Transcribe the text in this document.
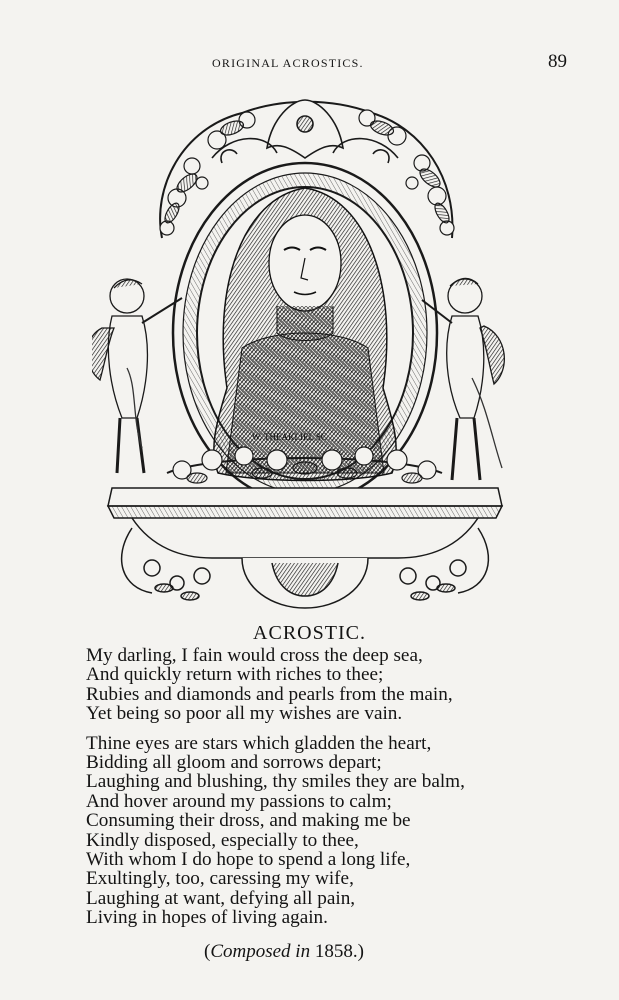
ORIGINAL ACROSTICS.	89
W. THEAKLIEL SC
ACROSTIC.
My darling, I fain would cross the deep sea,
And quickly return with riches to thee;
Rubies and diamonds and pearls from the main,
Yet being so poor all my wishes are vain.
Thine eyes are stars which gladden the heart,
Bidding all gloom and sorrows depart;
Laughing and blushing, thy smiles they are balm,
And hover around my passions to calm;
Consuming their dross, and making me be
Kindly disposed, especially to thee,
With whom I do hope to spend a long life,
Exultingly, too, caressing my wife,
Laughing at want, defying all pain,
Living in hopes of living again.
(Composed in 1858.)
